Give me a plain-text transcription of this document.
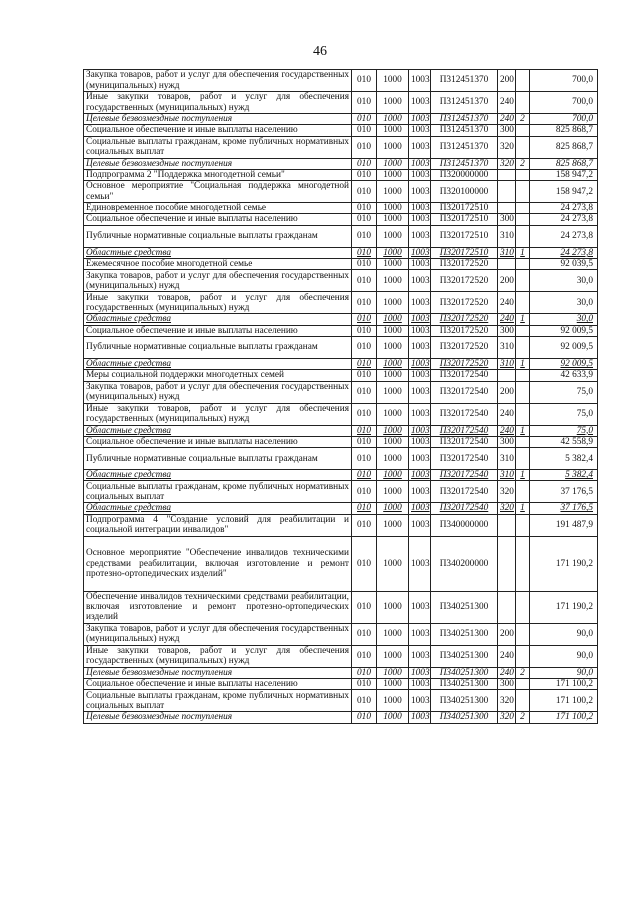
46
Закупка товаров, работ и услуг для обеспечения государственных (муниципальных) нужд	010	1000	1003	П312451370	200		700,0
Иные закупки товаров, работ и услуг для обеспечения государственных (муниципальных) нужд	010	1000	1003	П312451370	240		700,0
Целевые безвозмездные поступления	010	1000	1003	П312451370	240	2	700,0
Социальное обеспечение и иные выплаты населению	010	1000	1003	П312451370	300		825 868,7
Социальные выплаты гражданам, кроме публичных нормативных социальных выплат	010	1000	1003	П312451370	320		825 868,7
Целевые безвозмездные поступления	010	1000	1003	П312451370	320	2	825 868,7
Подпрограмма 2 "Поддержка многодетной семьи"	010	1000	1003	П320000000			158 947,2
Основное мероприятие "Социальная поддержка многодетной семьи"	010	1000	1003	П320100000			158 947,2
Единовременное пособие многодетной семье	010	1000	1003	П320172510			24 273,8
Социальное обеспечение и иные выплаты населению	010	1000	1003	П320172510	300		24 273,8
Публичные нормативные социальные выплаты гражданам	010	1000	1003	П320172510	310		24 273,8
Областные средства	010	1000	1003	П320172510	310	1	24 273,8
Ежемесячное пособие многодетной семье	010	1000	1003	П320172520			92 039,5
Закупка товаров, работ и услуг для обеспечения государственных (муниципальных) нужд	010	1000	1003	П320172520	200		30,0
Иные закупки товаров, работ и услуг для обеспечения государственных (муниципальных) нужд	010	1000	1003	П320172520	240		30,0
Областные средства	010	1000	1003	П320172520	240	1	30,0
Социальное обеспечение и иные выплаты населению	010	1000	1003	П320172520	300		92 009,5
Публичные нормативные социальные выплаты гражданам	010	1000	1003	П320172520	310		92 009,5
Областные средства	010	1000	1003	П320172520	310	1	92 009,5
Меры социальной поддержки многодетных семей	010	1000	1003	П320172540			42 633,9
Закупка товаров, работ и услуг для обеспечения государственных (муниципальных) нужд	010	1000	1003	П320172540	200		75,0
Иные закупки товаров, работ и услуг для обеспечения государственных (муниципальных) нужд	010	1000	1003	П320172540	240		75,0
Областные средства	010	1000	1003	П320172540	240	1	75,0
Социальное обеспечение и иные выплаты населению	010	1000	1003	П320172540	300		42 558,9
Публичные нормативные социальные выплаты гражданам	010	1000	1003	П320172540	310		5 382,4
Областные средства	010	1000	1003	П320172540	310	1	5 382,4
Социальные выплаты гражданам, кроме публичных нормативных социальных выплат	010	1000	1003	П320172540	320		37 176,5
Областные средства	010	1000	1003	П320172540	320	1	37 176,5
Подпрограмма 4 "Создание условий для реабилитации и социальной интеграции инвалидов"	010	1000	1003	П340000000			191 487,9
Основное мероприятие "Обеспечение инвалидов техническими средствами реабилитации, включая изготовление и ремонт протезно-ортопедических изделий"	010	1000	1003	П340200000			171 190,2
Обеспечение инвалидов техническими средствами реабилитации, включая изготовление и ремонт протезно-ортопедических изделий	010	1000	1003	П340251300			171 190,2
Закупка товаров, работ и услуг для обеспечения государственных (муниципальных) нужд	010	1000	1003	П340251300	200		90,0
Иные закупки товаров, работ и услуг для обеспечения государственных (муниципальных) нужд	010	1000	1003	П340251300	240		90,0
Целевые безвозмездные поступления	010	1000	1003	П340251300	240	2	90,0
Социальное обеспечение и иные выплаты населению	010	1000	1003	П340251300	300		171 100,2
Социальные выплаты гражданам, кроме публичных нормативных социальных выплат	010	1000	1003	П340251300	320		171 100,2
Целевые безвозмездные поступления	010	1000	1003	П340251300	320	2	171 100,2
